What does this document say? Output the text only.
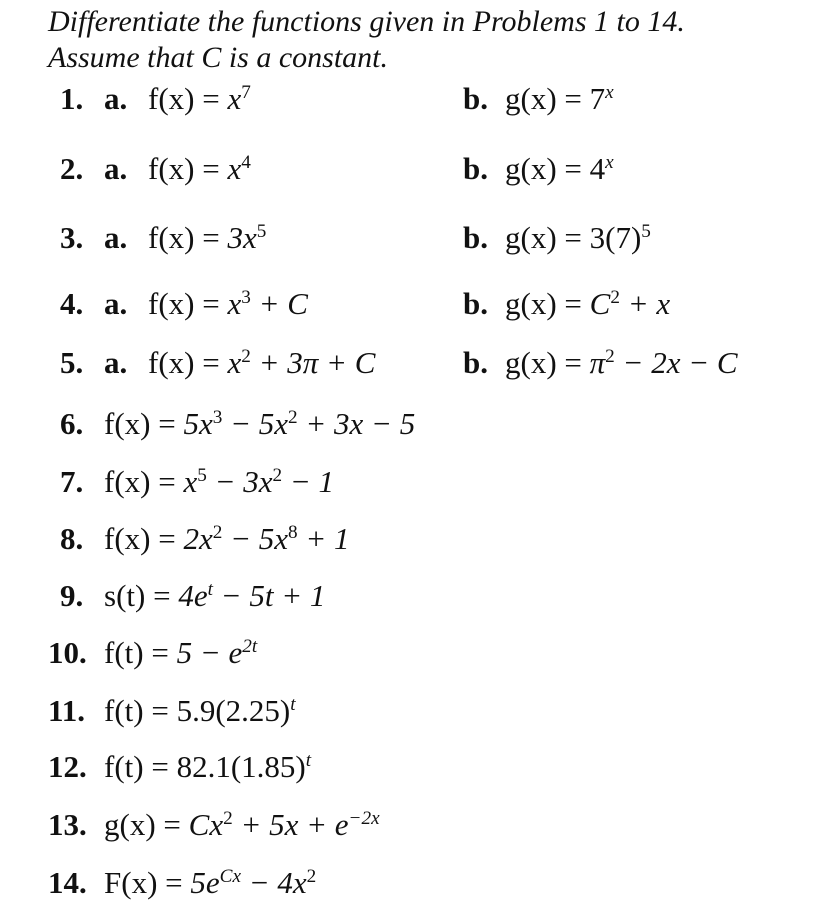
Differentiate the functions given in Problems 1 to 14.
Assume that C is a constant.
1. a. $f(x) = x^7$	b. $g(x) = 7^x$
2. a. $f(x) = x^4$	b. $g(x) = 4^x$
3. a. $f(x) = 3x^5$	b. $g(x) = 3(7)^5$
4. a. $f(x) = x^3 + C$	b. $g(x) = C^2 + x$
5. a. $f(x) = x^2 + 3\pi + C$	b. $g(x) = \pi^2 - 2x - C$
6. $f(x) = 5x^3 - 5x^2 + 3x - 5$
7. $f(x) = x^5 - 3x^2 - 1$
8. $f(x) = 2x^2 - 5x^8 + 1$
9. $s(t) = 4e^t - 5t + 1$
10. $f(t) = 5 - e^{2t}$
11. $f(t) = 5.9(2.25)^t$
12. $f(t) = 82.1(1.85)^t$
13. $g(x) = Cx^2 + 5x + e^{-2x}$
14. $F(x) = 5e^{Cx} - 4x^2$
